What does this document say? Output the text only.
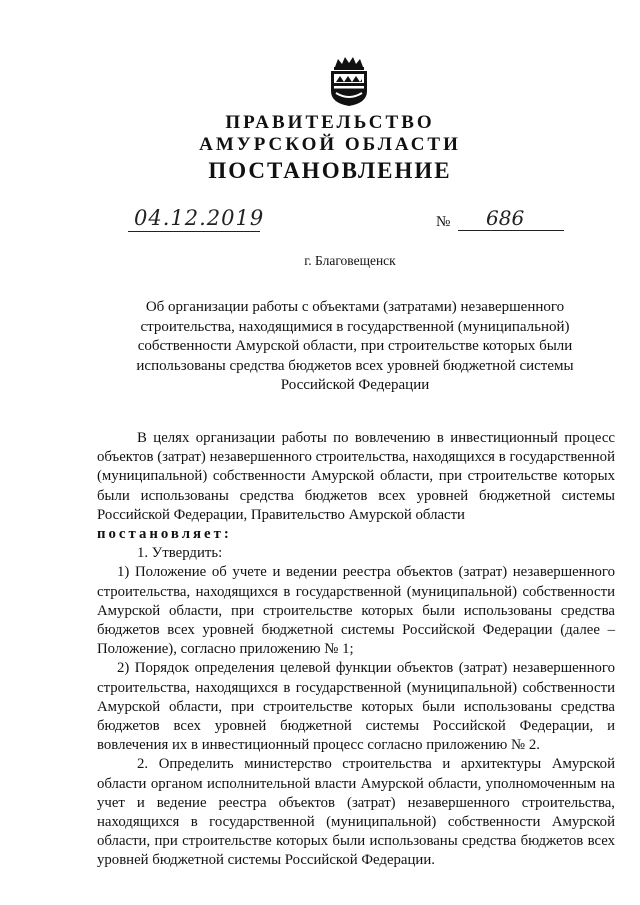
ПРАВИТЕЛЬСТВО
АМУРСКОЙ ОБЛАСТИ
ПОСТАНОВЛЕНИЕ
04.12.2019	№	686
г. Благовещенск
Об организации работы с объектами (затратами) незавершенного строительства, находящимися в государственной (муниципальной) собственности Амурской области, при строительстве которых были использованы средства бюджетов всех уровней бюджетной системы Российской Федерации

В целях организации работы по вовлечению в инвестиционный процесс объектов (затрат) незавершенного строительства, находящихся в государственной (муниципальной) собственности Амурской области, при строительстве которых были использованы средства бюджетов всех уровней бюджетной системы Российской Федерации, Правительство Амурской области

постановляет:

1. Утвердить:

1) Положение об учете и ведении реестра объектов (затрат) незавершенного строительства, находящихся в государственной (муниципальной) собственности Амурской области, при строительстве которых были использованы средства бюджетов всех уровней бюджетной системы Российской Федерации (далее – Положение), согласно приложению № 1;

2) Порядок определения целевой функции объектов (затрат) незавершенного строительства, находящихся в государственной (муниципальной) собственности Амурской области, при строительстве которых были использованы средства бюджетов всех уровней бюджетной системы Российской Федерации, и вовлечения их в инвестиционный процесс согласно приложению № 2.

2. Определить министерство строительства и архитектуры Амурской области органом исполнительной власти Амурской области, уполномоченным на учет и ведение реестра объектов (затрат) незавершенного строительства, находящихся в государственной (муниципальной) собственности Амурской области, при строительстве которых были использованы средства бюджетов всех уровней бюджетной системы Российской Федерации.
